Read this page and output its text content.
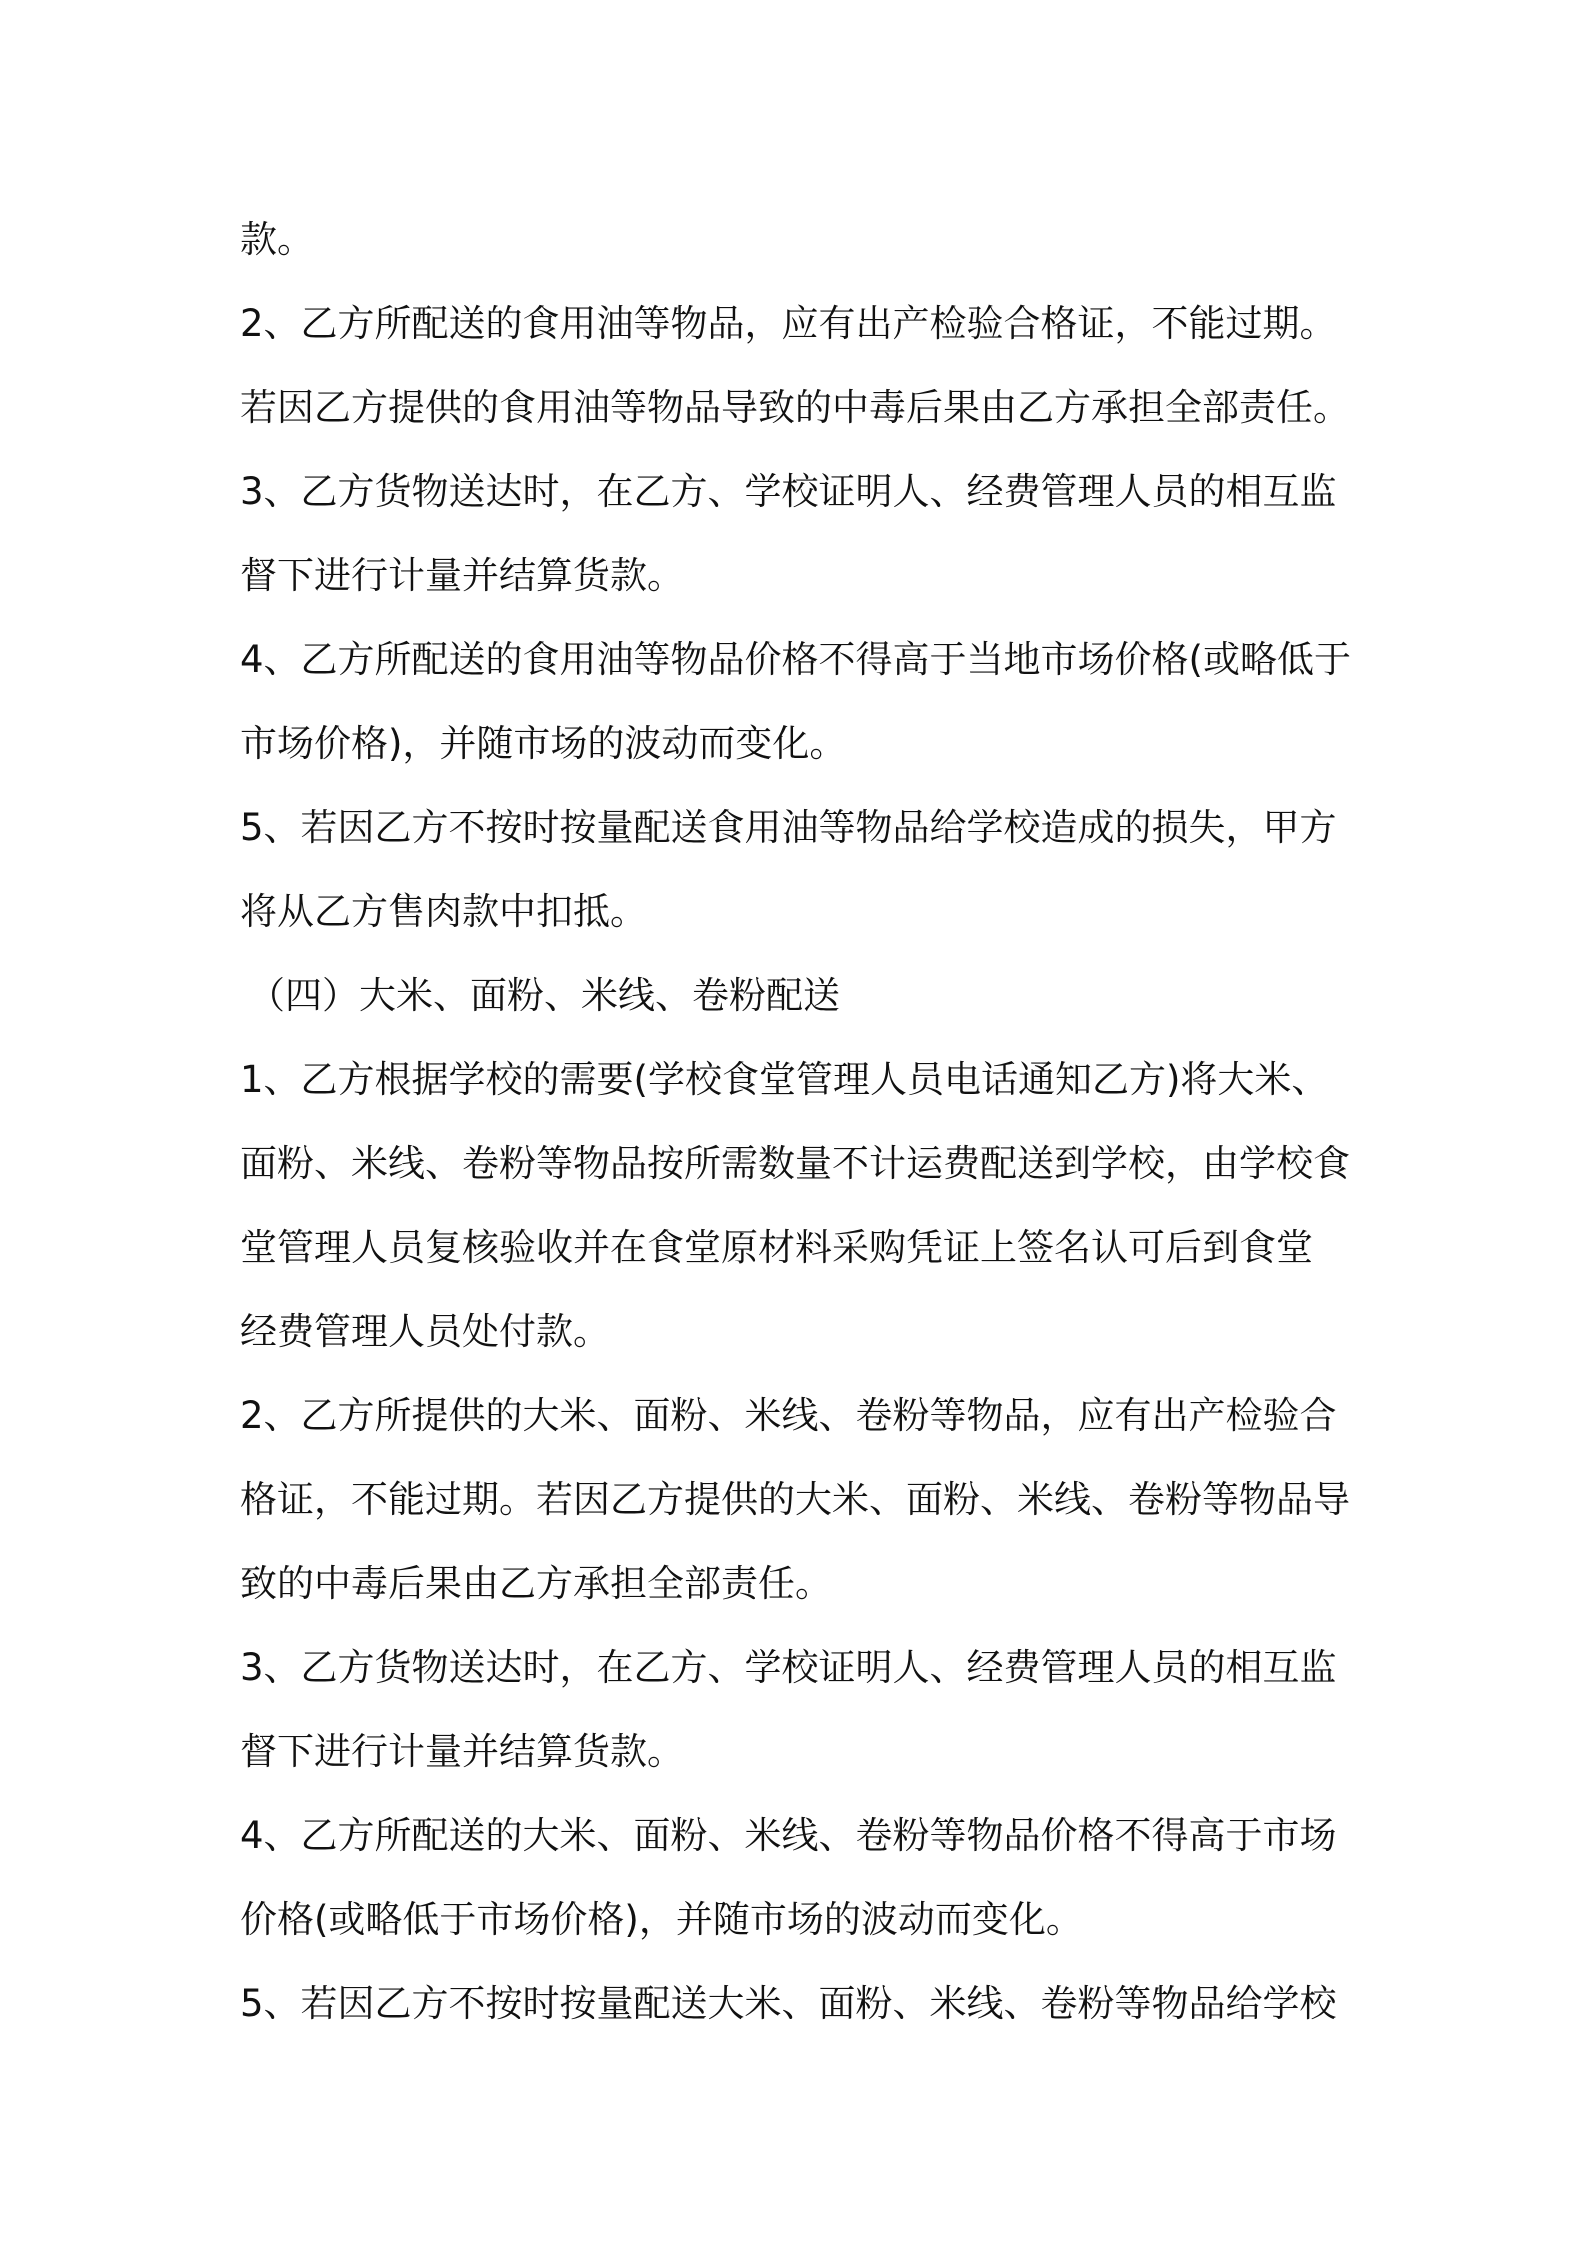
款。
2、乙方所配送的食用油等物品，应有出产检验合格证，不能过期。
若因乙方提供的食用油等物品导致的中毒后果由乙方承担全部责任。
3、乙方货物送达时，在乙方、学校证明人、经费管理人员的相互监
督下进行计量并结算货款。
4、乙方所配送的食用油等物品价格不得高于当地市场价格(或略低于
市场价格)，并随市场的波动而变化。
5、若因乙方不按时按量配送食用油等物品给学校造成的损失，甲方
将从乙方售肉款中扣抵。
（四）大米、面粉、米线、卷粉配送
1、乙方根据学校的需要(学校食堂管理人员电话通知乙方)将大米、
面粉、米线、卷粉等物品按所需数量不计运费配送到学校，由学校食
堂管理人员复核验收并在食堂原材料采购凭证上签名认可后到食堂
经费管理人员处付款。
2、乙方所提供的大米、面粉、米线、卷粉等物品，应有出产检验合
格证，不能过期。若因乙方提供的大米、面粉、米线、卷粉等物品导
致的中毒后果由乙方承担全部责任。
3、乙方货物送达时，在乙方、学校证明人、经费管理人员的相互监
督下进行计量并结算货款。
4、乙方所配送的大米、面粉、米线、卷粉等物品价格不得高于市场
价格(或略低于市场价格)，并随市场的波动而变化。
5、若因乙方不按时按量配送大米、面粉、米线、卷粉等物品给学校
